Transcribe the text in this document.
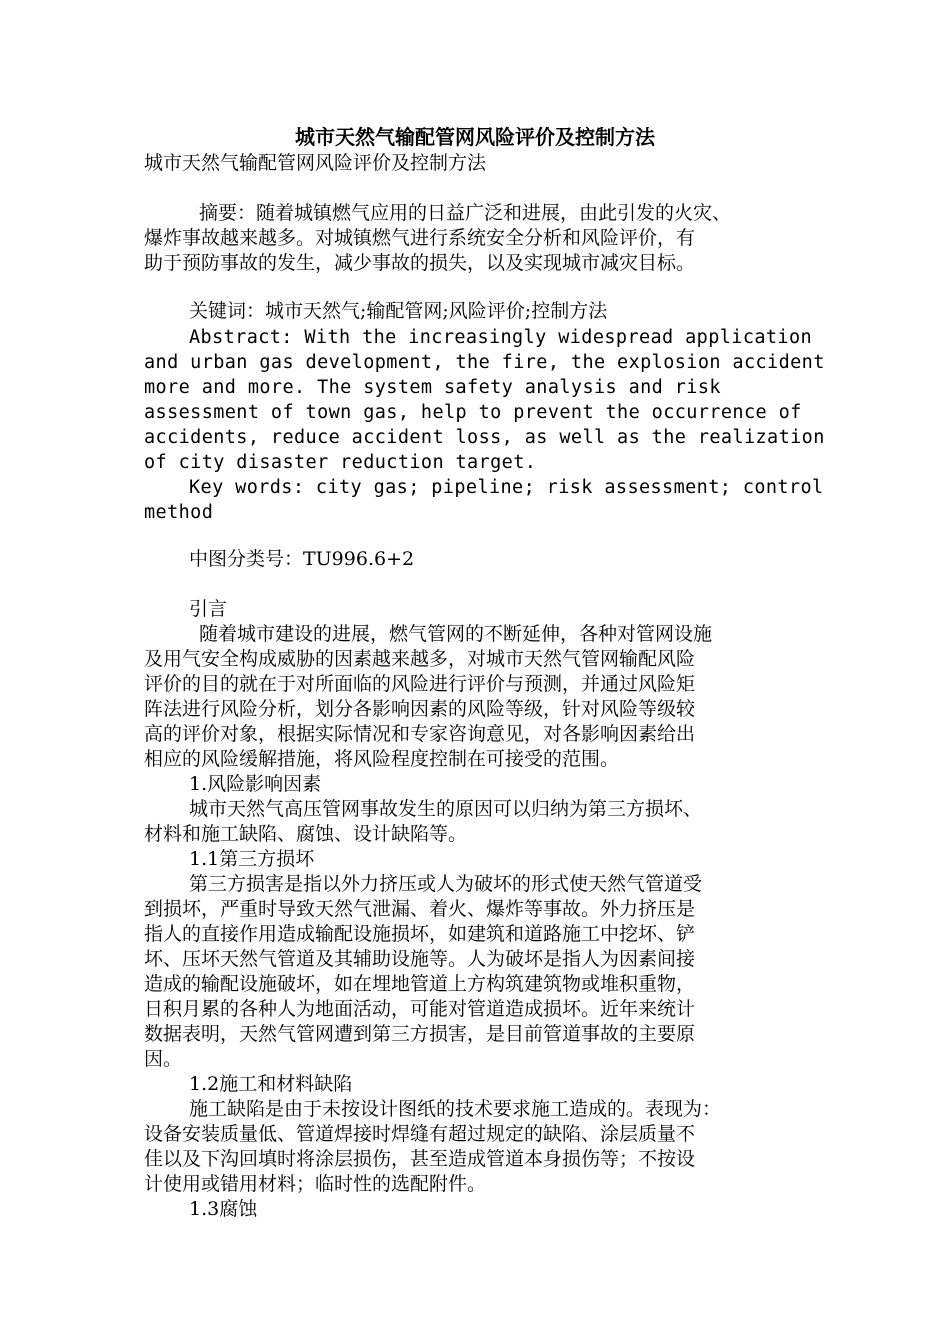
城市天然气输配管网风险评价及控制方法
城市天然气输配管网风险评价及控制方法
摘要：随着城镇燃气应用的日益广泛和进展，由此引发的火灾、
爆炸事故越来越多。对城镇燃气进行系统安全分析和风险评价，有
助于预防事故的发生，减少事故的损失，以及实现城市减灾目标。
关键词：城市天然气;输配管网;风险评价;控制方法
Abstract: With the increasingly widespread application
and urban gas development, the fire, the explosion accident
more and more. The system safety analysis and risk
assessment of town gas, help to prevent the occurrence of
accidents, reduce accident loss, as well as the realization
of city disaster reduction target.
Key words: city gas; pipeline; risk assessment; control
method
中图分类号：TU996.6+2
引言
随着城市建设的进展，燃气管网的不断延伸，各种对管网设施
及用气安全构成威胁的因素越来越多，对城市天然气管网输配风险
评价的目的就在于对所面临的风险进行评价与预测，并通过风险矩
阵法进行风险分析，划分各影响因素的风险等级，针对风险等级较
高的评价对象，根据实际情况和专家咨询意见，对各影响因素给出
相应的风险缓解措施，将风险程度控制在可接受的范围。
1.风险影响因素
城市天然气高压管网事故发生的原因可以归纳为第三方损坏、
材料和施工缺陷、腐蚀、设计缺陷等。
1.1第三方损坏
第三方损害是指以外力挤压或人为破坏的形式使天然气管道受
到损坏，严重时导致天然气泄漏、着火、爆炸等事故。外力挤压是
指人的直接作用造成输配设施损坏，如建筑和道路施工中挖坏、铲
坏、压坏天然气管道及其辅助设施等。人为破坏是指人为因素间接
造成的输配设施破坏，如在埋地管道上方构筑建筑物或堆积重物，
日积月累的各种人为地面活动，可能对管道造成损坏。近年来统计
数据表明，天然气管网遭到第三方损害，是目前管道事故的主要原
因。
1.2施工和材料缺陷
施工缺陷是由于未按设计图纸的技术要求施工造成的。表现为：
设备安装质量低、管道焊接时焊缝有超过规定的缺陷、涂层质量不
佳以及下沟回填时将涂层损伤，甚至造成管道本身损伤等；不按设
计使用或错用材料；临时性的选配附件。
1.3腐蚀
